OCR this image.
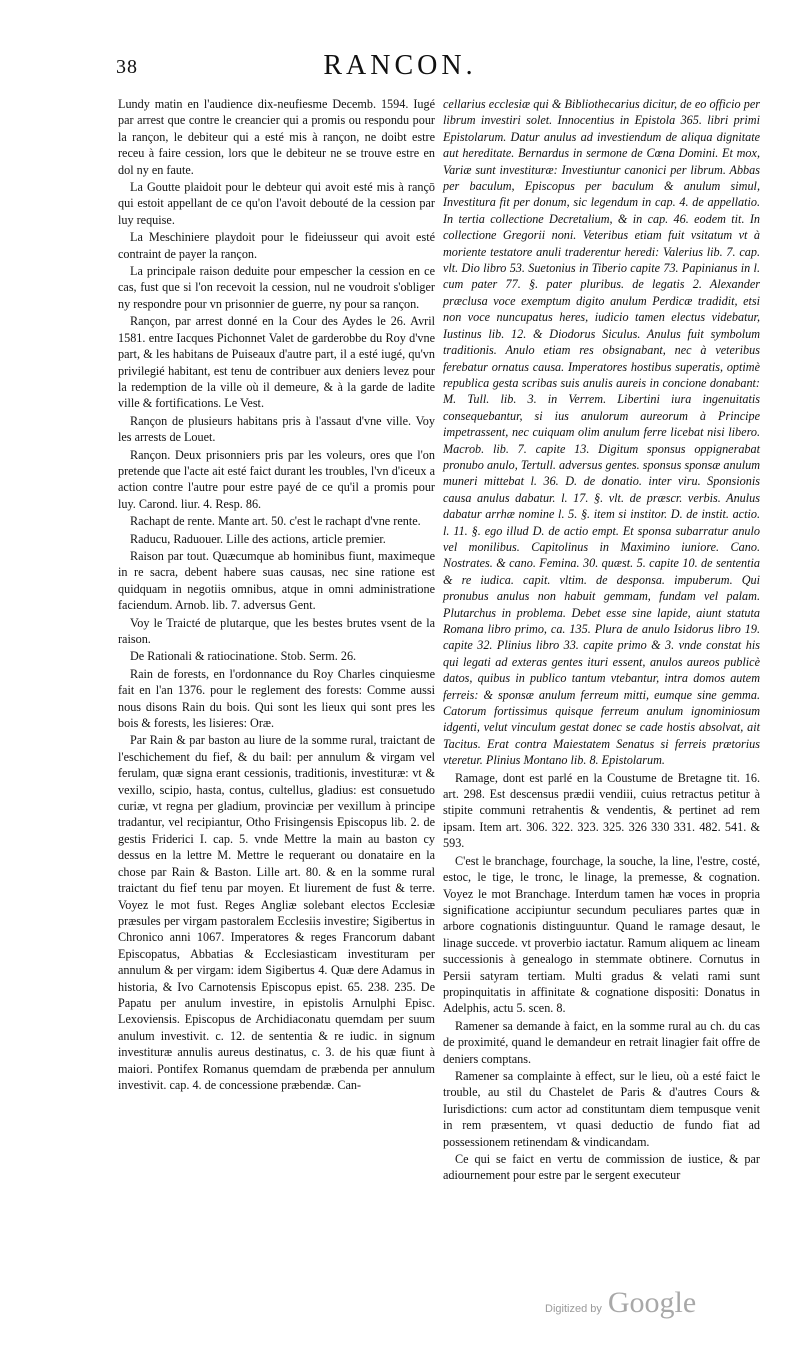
38	RANCON.

Lundy matin en l'audience dix-neufiesme Decemb. 1594. Iugé par arrest que contre le creancier qui a promis ou respondu pour la rançon, le debiteur qui a esté mis à rançon, ne doibt estre receu à faire cession, lors que le debiteur ne se trouve estre en dol ny en faute.

La Goutte plaidoit pour le debteur qui avoit esté mis à rançō qui estoit appellant de ce qu'on l'avoit debouté de la cession par luy requise.

La Meschiniere playdoit pour le fideiusseur qui avoit esté contraint de payer la rançon.

La principale raison deduite pour empescher la cession en ce cas, fust que si l'on recevoit la cession, nul ne voudroit s'obliger ny respondre pour vn prisonnier de guerre, ny pour sa rançon.

Rançon, par arrest donné en la Cour des Aydes le 26. Avril 1581. entre Iacques Pichonnet Valet de garderobbe du Roy d'vne part, & les habitans de Puiseaux d'autre part, il a esté iugé, qu'vn privilegié habitant, est tenu de contribuer aux deniers levez pour la redemption de la ville où il demeure, & à la garde de ladite ville & fortifications. Le Vest.

Rançon de plusieurs habitans pris à l'assaut d'vne ville. Voy les arrests de Louet.

Rançon. Deux prisonniers pris par les voleurs, ores que l'on pretende que l'acte ait esté faict durant les troubles, l'vn d'iceux a action contre l'autre pour estre payé de ce qu'il a promis pour luy. Carond. liur. 4. Resp. 86.

Rachapt de rente. Mante art. 50. c'est le rachapt d'vne rente.

Raducu, Raduouer. Lille des actions, article premier.

Raison par tout. Quæcumque ab hominibus fiunt, maximeque in re sacra, debent habere suas causas, nec sine ratione est quidquam in negotiis omnibus, atque in omni administratione faciendum. Arnob. lib. 7. adversus Gent.

Voy le Traicté de plutarque, que les bestes brutes vsent de la raison.

De Rationali & ratiocinatione. Stob. Serm. 26.

Rain de forests, en l'ordonnance du Roy Charles cinquiesme fait en l'an 1376. pour le reglement des forests: Comme aussi nous disons Rain du bois. Qui sont les lieux qui sont pres les bois & forests, les lisieres: Oræ.

Par Rain & par baston au liure de la somme rural, traictant de l'eschichement du fief, & du bail: per annulum & virgam vel ferulam, quæ signa erant cessionis, traditionis, investituræ: vt & vexillo, scipio, hasta, contus, cultellus, gladius: est consuetudo curiæ, vt regna per gladium, provinciæ per vexillum à principe tradantur, vel recipiantur, Otho Frisingensis Episcopus lib. 2. de gestis Friderici I. cap. 5. vnde Mettre la main au baston cy dessus en la lettre M. Mettre le requerant ou donataire en la chose par Rain & Baston. Lille art. 80. & en la somme rural traictant du fief tenu par moyen. Et liurement de fust & terre. Voyez le mot fust. Reges Angliæ solebant electos Ecclesiæ præsules per virgam pastoralem Ecclesiis investire; Sigibertus in Chronico anni 1067. Imperatores & reges Francorum dabant Episcopatus, Abbatias & Ecclesiasticam investituram per annulum & per virgam: idem Sigibertus 4. Quæ dere Adamus in historia, & Ivo Carnotensis Episcopus epist. 65. 238. 235. De Papatu per anulum investire, in epistolis Arnulphi Episc. Lexoviensis. Episcopus de Archidiaconatu quemdam per suum anulum investivit. c. 12. de sententia & re iudic. in signum investituræ annulis aureus destinatus, c. 3. de his quæ fiunt à maiori. Pontifex Romanus quemdam de præbenda per annulum investivit. cap. 4. de concessione præbendæ. Can-

cellarius ecclesiæ qui & Bibliothecarius dicitur, de eo officio per librum investiri solet. Innocentius in Epistola 365. libri primi Epistolarum. Datur anulus ad investiendum de aliqua dignitate aut hereditate. Bernardus in sermone de Cœna Domini. Et mox, Variæ sunt investituræ: Investiuntur canonici per librum. Abbas per baculum, Episcopus per baculum & anulum simul, Investitura fit per donum, sic legendum in cap. 4. de appellatio. In tertia collectione Decretalium, & in cap. 46. eodem tit. In collectione Gregorii noni. Veteribus etiam fuit vsitatum vt à moriente testatore anuli traderentur heredi: Valerius lib. 7. cap. vlt. Dio libro 53. Suetonius in Tiberio capite 73. Papinianus in l. cum pater 77. §. pater pluribus. de legatis 2. Alexander præclusa voce exemptum digito anulum Perdicæ tradidit, etsi non voce nuncupatus heres, iudicio tamen electus videbatur, Iustinus lib. 12. & Diodorus Siculus. Anulus fuit symbolum traditionis. Anulo etiam res obsignabant, nec à veteribus ferebatur ornatus causa. Imperatores hostibus superatis, optimè republica gesta scribas suis anulis aureis in concione donabant: M. Tull. lib. 3. in Verrem. Libertini iura ingenuitatis consequebantur, si ius anulorum aureorum à Principe impetrassent, nec cuiquam olim anulum ferre licebat nisi libero. Macrob. lib. 7. capite 13. Digitum sponsus oppignerabat pronubo anulo, Tertull. adversus gentes. sponsus sponsæ anulum muneri mittebat l. 36. D. de donatio. inter viru. Sponsionis causa anulus dabatur. l. 17. §. vlt. de præscr. verbis. Anulus dabatur arrhæ nomine l. 5. §. item si institor. D. de instit. actio. l. 11. §. ego illud D. de actio empt. Et sponsa subarratur anulo vel monilibus. Capitolinus in Maximino iuniore. Cano. Nostrates. & cano. Femina. 30. quæst. 5. capite 10. de sententia & re iudica. capit. vltim. de desponsa. impuberum. Qui pronubus anulus non habuit gemmam, fundam vel palam. Plutarchus in problema. Debet esse sine lapide, aiunt statuta Romana libro primo, ca. 135. Plura de anulo Isidorus libro 19. capite 32. Plinius libro 33. capite primo & 3. vnde constat his qui legati ad exteras gentes ituri essent, anulos aureos publicè datos, quibus in publico tantum vtebantur, intra domos autem ferreis: & sponsæ anulum ferreum mitti, eumque sine gemma. Catorum fortissimus quisque ferreum anulum ignominiosum idgenti, velut vinculum gestat donec se cade hostis absolvat, ait Tacitus. Erat contra Maiestatem Senatus si ferreis prætorius vteretur. Plinius Montano lib. 8. Epistolarum.

Ramage, dont est parlé en la Coustume de Bretagne tit. 16. art. 298. Est descensus prædii vendiii, cuius retractus petitur à stipite communi retrahentis & vendentis, & pertinet ad rem ipsam. Item art. 306. 322. 323. 325. 326 330 331. 482. 541. & 593.

C'est le branchage, fourchage, la souche, la line, l'estre, costé, estoc, le tige, le tronc, le linage, la premesse, & cognation. Voyez le mot Branchage. Interdum tamen hæ voces in propria significatione accipiuntur secundum peculiares partes quæ in arbore cognationis distinguuntur. Quand le ramage desaut, le linage succede. vt proverbio iactatur. Ramum aliquem ac lineam successionis à genealogo in stemmate obtinere. Cornutus in Persii satyram tertiam. Multi gradus & velati rami sunt propinquitatis in affinitate & cognatione dispositi: Donatus in Adelphis, actu 5. scen. 8.

Ramener sa demande à faict, en la somme rural au ch. du cas de proximité, quand le demandeur en retrait linagier fait offre de deniers comptans.

Ramener sa complainte à effect, sur le lieu, où a esté faict le trouble, au stil du Chastelet de Paris & d'autres Cours & Iurisdictions: cum actor ad constituntam diem tempusque venit in rem præsentem, vt quasi deductio de fundo fiat ad possessionem retinendam & vindicandam.

Ce qui se faict en vertu de commission de iustice, & par adiournement pour estre par le sergent executeur

Digitized by Google
